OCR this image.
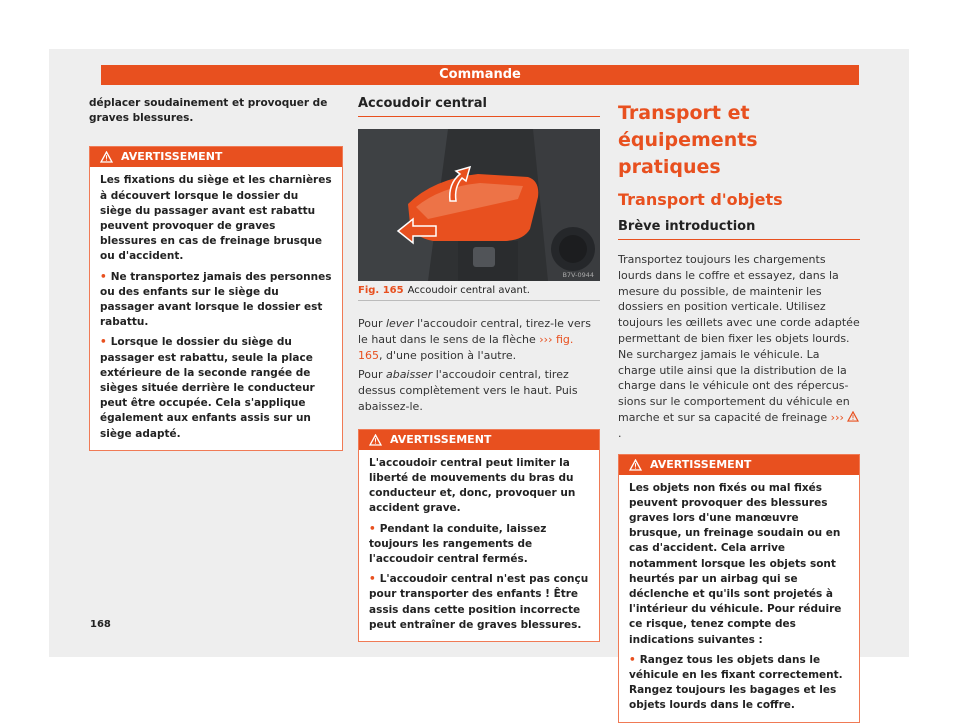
Commande

déplacer soudainement et provoquer de graves blessures.

AVERTISSEMENT

Les fixations du siège et les charnières à découvert lorsque le dossier du siège du passager avant est rabattu peuvent provoquer de graves blessures en cas de freinage brusque ou d'accident.

• Ne transportez jamais des personnes ou des enfants sur le siège du passager avant lorsque le dossier est rabattu.

• Lorsque le dossier du siège du passager est rabattu, seule la place extérieure de la seconde rangée de sièges située derrière le conducteur peut être occupée. Cela s'applique également aux enfants assis sur un siège adapté.

Accoudoir central
B7V-0944
Fig. 165 Accoudoir central avant.

Pour lever l'accoudoir central, tirez-le vers le haut dans le sens de la flèche ››› fig. 165, d'une position à l'autre.

Pour abaisser l'accoudoir central, tirez dessus complètement vers le haut. Puis abaissez-le.

AVERTISSEMENT

L'accoudoir central peut limiter la liberté de mouvements du bras du conducteur et, donc, provoquer un accident grave.

• Pendant la conduite, laissez toujours les rangements de l'accoudoir central fermés.

• L'accoudoir central n'est pas conçu pour transporter des enfants ! Être assis dans cette position incorrecte peut entraîner de graves blessures.

Transport et équipements pratiques
Transport d'objets
Brève introduction

Transportez toujours les chargements lourds dans le coffre et essayez, dans la mesure du possible, de maintenir les dossiers en position verticale. Utilisez toujours les œillets avec une corde adaptée permettant de bien fixer les objets lourds. Ne surchargez jamais le véhicule. La charge utile ainsi que la distribution de la charge dans le véhicule ont des répercussions sur le comportement du véhicule en marche et sur sa capacité de freinage ››› .

AVERTISSEMENT

Les objets non fixés ou mal fixés peuvent provoquer des blessures graves lors d'une manœuvre brusque, un freinage soudain ou en cas d'accident. Cela arrive notamment lorsque les objets sont heurtés par un airbag qui se déclenche et qu'ils sont projetés à l'intérieur du véhicule. Pour réduire ce risque, tenez compte des indications suivantes :

• Rangez tous les objets dans le véhicule en les fixant correctement. Rangez toujours les bagages et les objets lourds dans le coffre.

168
